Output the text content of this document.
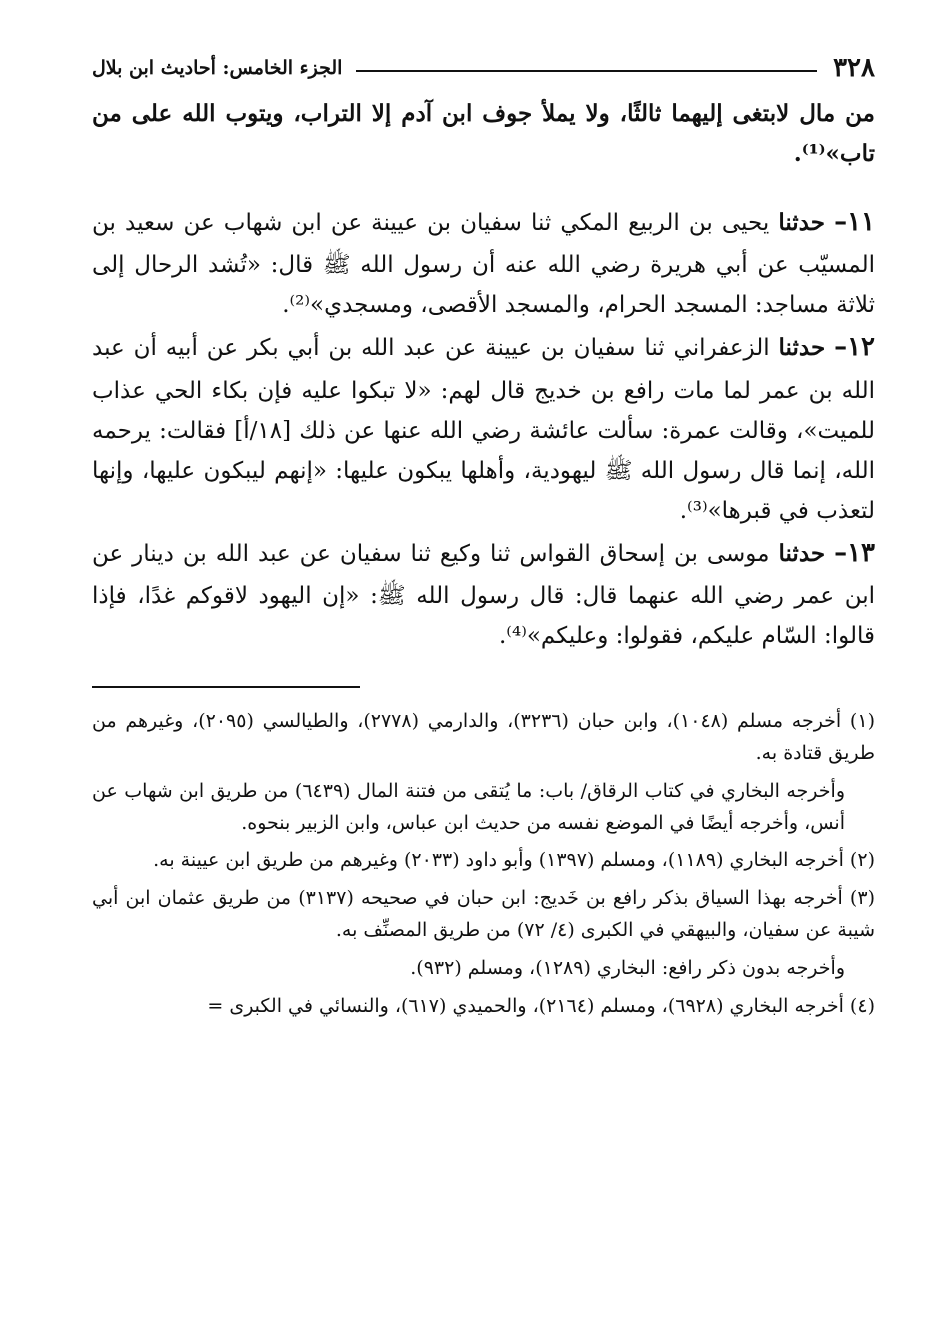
٣٢٨
الجزء الخامس: أحاديث ابن بلال

من مال لابتغى إليهما ثالثًا، ولا يملأ جوف ابن آدم إلا التراب، ويتوب الله على من تاب»⁽¹⁾.

١١– حدثنا يحيى بن الربيع المكي ثنا سفيان بن عيينة عن ابن شهاب عن سعيد بن المسيّب عن أبي هريرة رضي الله عنه أن رسول الله ﷺ قال: «تُشد الرحال إلى ثلاثة مساجد: المسجد الحرام، والمسجد الأقصى، ومسجدي»⁽²⁾.

١٢– حدثنا الزعفراني ثنا سفيان بن عيينة عن عبد الله بن أبي بكر عن أبيه أن عبد الله بن عمر لما مات رافع بن خديج قال لهم: «لا تبكوا عليه فإن بكاء الحي عذاب للميت»، وقالت عمرة: سألت عائشة رضي الله عنها عن ذلك [١٨/أ] فقالت: يرحمه الله، إنما قال رسول الله ﷺ ليهودية، وأهلها يبكون عليها: «إنهم ليبكون عليها، وإنها لتعذب في قبرها»⁽³⁾.

١٣– حدثنا موسى بن إسحاق القواس ثنا وكيع ثنا سفيان عن عبد الله بن دينار عن ابن عمر رضي الله عنهما قال: قال رسول الله ﷺ: «إن اليهود لاقوكم غدًا، فإذا قالوا: السّام عليكم، فقولوا: وعليكم»⁽⁴⁾.

(١) أخرجه مسلم (١٠٤٨)، وابن حبان (٣٢٣٦)، والدارمي (٢٧٧٨)، والطيالسي (٢٠٩٥)، وغيرهم من طريق قتادة به.

وأخرجه البخاري في كتاب الرقاق/ باب: ما يُتقى من فتنة المال (٦٤٣٩) من طريق ابن شهاب عن أنس، وأخرجه أيضًا في الموضع نفسه من حديث ابن عباس، وابن الزبير بنحوه.

(٢) أخرجه البخاري (١١٨٩)، ومسلم (١٣٩٧) وأبو داود (٢٠٣٣) وغيرهم من طريق ابن عيينة به.

(٣) أخرجه بهذا السياق بذكر رافع بن خَديج: ابن حبان في صحيحه (٣١٣٧) من طريق عثمان ابن أبي شيبة عن سفيان، والبيهقي في الكبرى (٤/ ٧٢) من طريق المصنِّف به.

وأخرجه بدون ذكر رافع: البخاري (١٢٨٩)، ومسلم (٩٣٢).

(٤) أخرجه البخاري (٦٩٢٨)، ومسلم (٢١٦٤)، والحميدي (٦١٧)، والنسائي في الكبرى =
